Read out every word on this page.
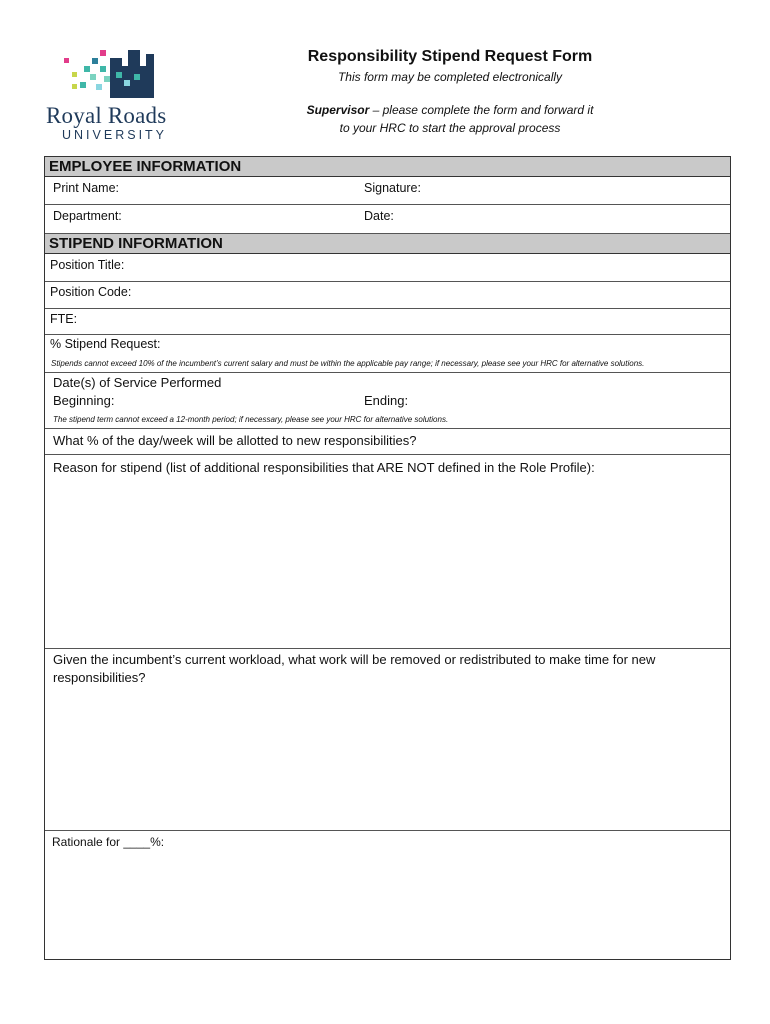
Royal Roads
UNIVERSITY
Responsibility Stipend Request Form
This form may be completed electronically
Supervisor – please complete the form and forward it
to your HRC to start the approval process
EMPLOYEE INFORMATION
Print Name:	Signature:
Department:	Date:
STIPEND INFORMATION
Position Title:
Position Code:
FTE:
% Stipend Request:
Stipends cannot exceed 10% of the incumbent’s current salary and must be within the applicable pay range; if necessary, please see your HRC for alternative solutions.
Date(s) of Service Performed
Beginning:	Ending:
The stipend term cannot exceed a 12-month period; if necessary, please see your HRC for alternative solutions.
What % of the day/week will be allotted to new responsibilities?
Reason for stipend (list of additional responsibilities that ARE NOT defined in the Role Profile):
Given the incumbent’s current workload, what work will be removed or redistributed to make time for new
responsibilities?
Rationale for ____%:
